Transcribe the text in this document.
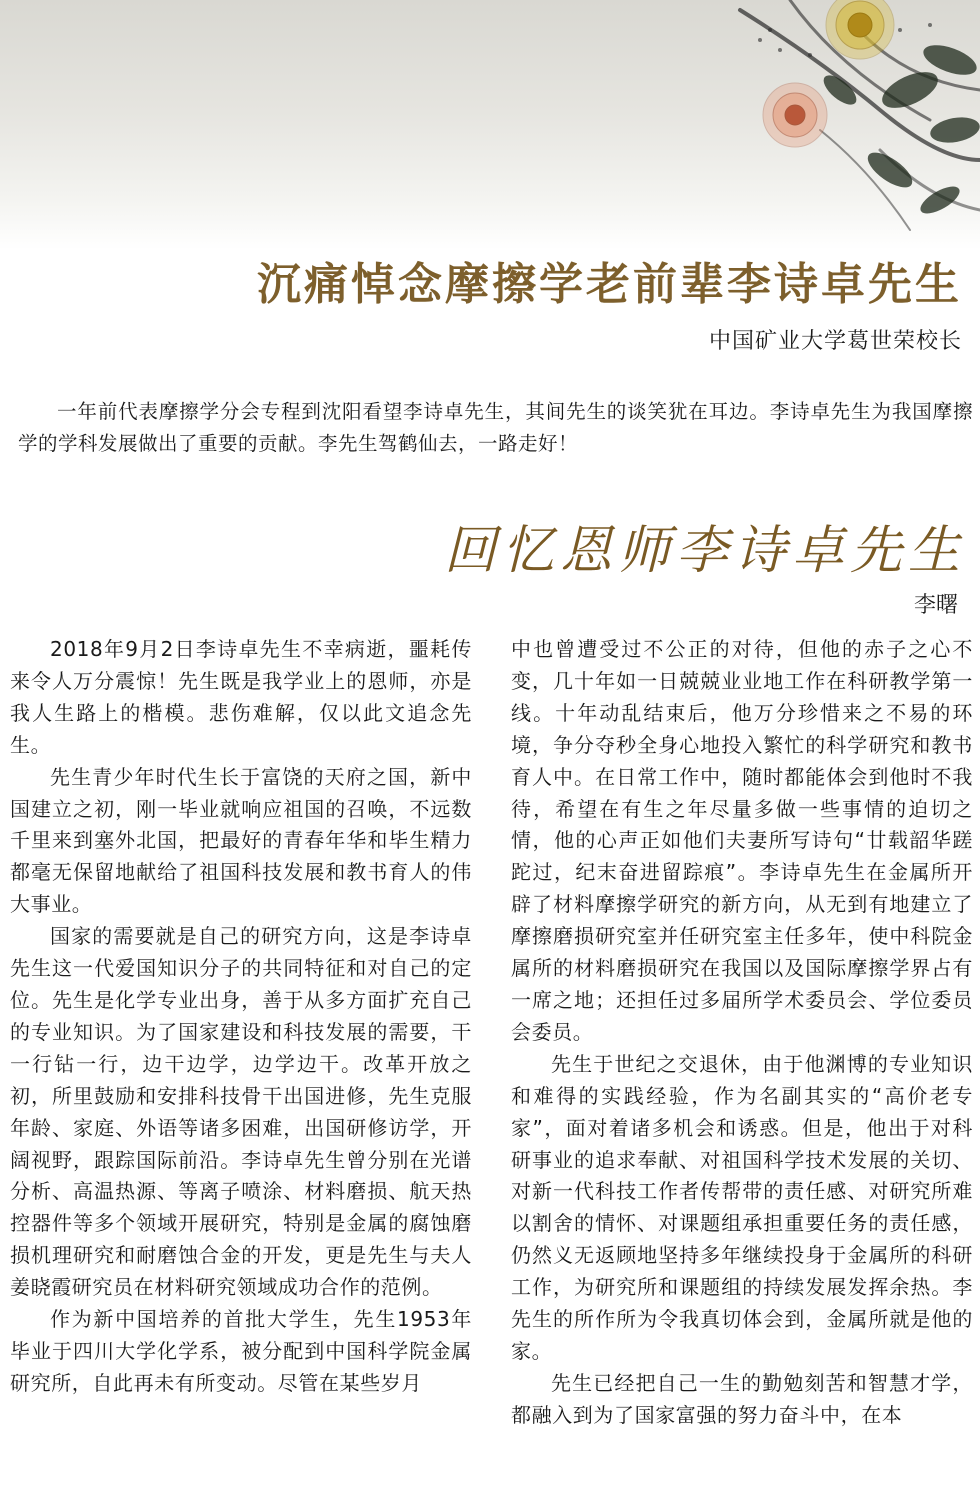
沉痛悼念摩擦学老前辈李诗卓先生
中国矿业大学葛世荣校长
一年前代表摩擦学分会专程到沈阳看望李诗卓先生，其间先生的谈笑犹在耳边。李诗卓先生为我国摩擦学的学科发展做出了重要的贡献。李先生驾鹤仙去，一路走好！
回忆恩师李诗卓先生
李曙

2018年9月2日李诗卓先生不幸病逝，噩耗传来令人万分震惊！先生既是我学业上的恩师，亦是我人生路上的楷模。悲伤难解，仅以此文追念先生。

先生青少年时代生长于富饶的天府之国，新中国建立之初，刚一毕业就响应祖国的召唤，不远数千里来到塞外北国，把最好的青春年华和毕生精力都毫无保留地献给了祖国科技发展和教书育人的伟大事业。

国家的需要就是自己的研究方向，这是李诗卓先生这一代爱国知识分子的共同特征和对自己的定位。先生是化学专业出身，善于从多方面扩充自己的专业知识。为了国家建设和科技发展的需要，干一行钻一行，边干边学，边学边干。改革开放之初，所里鼓励和安排科技骨干出国进修，先生克服年龄、家庭、外语等诸多困难，出国研修访学，开阔视野，跟踪国际前沿。李诗卓先生曾分别在光谱分析、高温热源、等离子喷涂、材料磨损、航天热控器件等多个领域开展研究，特别是金属的腐蚀磨损机理研究和耐磨蚀合金的开发，更是先生与夫人姜晓霞研究员在材料研究领域成功合作的范例。

作为新中国培养的首批大学生，先生1953年毕业于四川大学化学系，被分配到中国科学院金属研究所，自此再未有所变动。尽管在某些岁月

中也曾遭受过不公正的对待，但他的赤子之心不变，几十年如一日兢兢业业地工作在科研教学第一线。十年动乱结束后，他万分珍惜来之不易的环境，争分夺秒全身心地投入繁忙的科学研究和教书育人中。在日常工作中，随时都能体会到他时不我待，希望在有生之年尽量多做一些事情的迫切之情，他的心声正如他们夫妻所写诗句“廿载韶华蹉跎过，纪末奋进留踪痕”。李诗卓先生在金属所开辟了材料摩擦学研究的新方向，从无到有地建立了摩擦磨损研究室并任研究室主任多年，使中科院金属所的材料磨损研究在我国以及国际摩擦学界占有一席之地；还担任过多届所学术委员会、学位委员会委员。

先生于世纪之交退休，由于他渊博的专业知识和难得的实践经验，作为名副其实的“高价老专家”，面对着诸多机会和诱惑。但是，他出于对科研事业的追求奉献、对祖国科学技术发展的关切、对新一代科技工作者传帮带的责任感、对研究所难以割舍的情怀、对课题组承担重要任务的责任感，仍然义无返顾地坚持多年继续投身于金属所的科研工作，为研究所和课题组的持续发展发挥余热。李先生的所作所为令我真切体会到，金属所就是他的家。

先生已经把自己一生的勤勉刻苦和智慧才学，都融入到为了国家富强的努力奋斗中，在本
